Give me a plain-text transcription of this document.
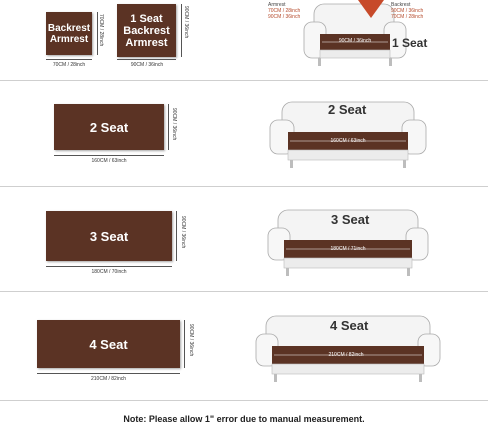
Backrest Armrest	70CM / 28inch
70CM / 28inch
1 Seat Backrest Armrest
90CM / 36inch
90CM / 36inch
90CM / 36inch
Armrest
70CM / 28inch
90CM / 36inch
Backrest
90CM / 36inch
70CM / 28inch
1 Seat
2 Seat	90CM / 36inch
160CM / 63inch
2 Seat
160CM / 63inch
3 Seat	90CM / 36inch
180CM / 70inch
3 Seat
180CM / 71inch
4 Seat	90CM / 36inch
210CM / 82inch
4 Seat
210CM / 82inch
Note: Please allow 1" error due to manual measurement.
